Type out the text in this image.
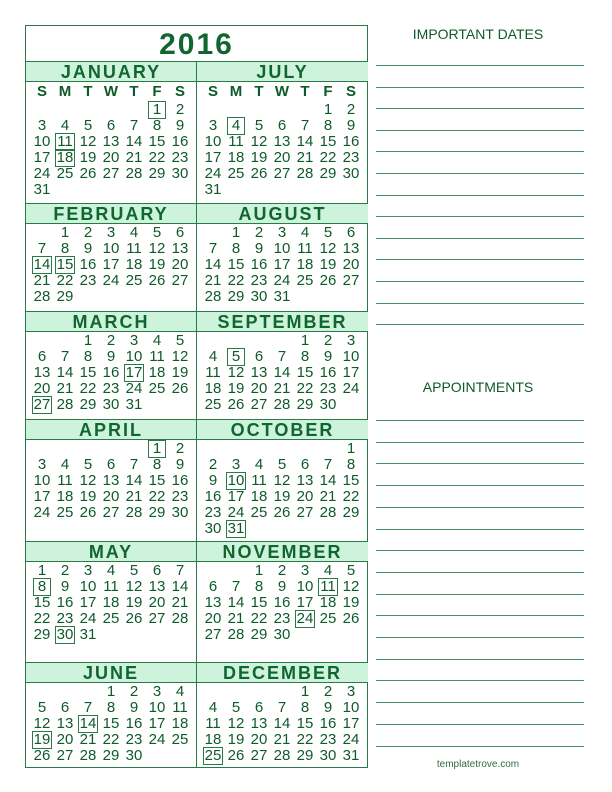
2016
JANUARY
S M T W T F S
1 2
3 4 5 6 7 8 9
10 11 12 13 14 15 16
17 18 19 20 21 22 23
24 25 26 27 28 29 30
31
JULY
S M T W T F S
1 2
3 4 5 6 7 8 9
10 11 12 13 14 15 16
17 18 19 20 21 22 23
24 25 26 27 28 29 30
31
FEBRUARY
1 2 3 4 5 6
7 8 9 10 11 12 13
14 15 16 17 18 19 20
21 22 23 24 25 26 27
28 29
AUGUST
1 2 3 4 5 6
7 8 9 10 11 12 13
14 15 16 17 18 19 20
21 22 23 24 25 26 27
28 29 30 31
MARCH
1 2 3 4 5
6 7 8 9 10 11 12
13 14 15 16 17 18 19
20 21 22 23 24 25 26
27 28 29 30 31
SEPTEMBER
1 2 3
4 5 6 7 8 9 10
11 12 13 14 15 16 17
18 19 20 21 22 23 24
25 26 27 28 29 30
APRIL
1 2
3 4 5 6 7 8 9
10 11 12 13 14 15 16
17 18 19 20 21 22 23
24 25 26 27 28 29 30
OCTOBER
1
2 3 4 5 6 7 8
9 10 11 12 13 14 15
16 17 18 19 20 21 22
23 24 25 26 27 28 29
30 31
MAY
1 2 3 4 5 6 7
8 9 10 11 12 13 14
15 16 17 18 19 20 21
22 23 24 25 26 27 28
29 30 31
NOVEMBER
1 2 3 4 5
6 7 8 9 10 11 12
13 14 15 16 17 18 19
20 21 22 23 24 25 26
27 28 29 30
JUNE
1 2 3 4
5 6 7 8 9 10 11
12 13 14 15 16 17 18
19 20 21 22 23 24 25
26 27 28 29 30
DECEMBER
1 2 3
4 5 6 7 8 9 10
11 12 13 14 15 16 17
18 19 20 21 22 23 24
25 26 27 28 29 30 31
IMPORTANT DATES
APPOINTMENTS
templatetrove.com
